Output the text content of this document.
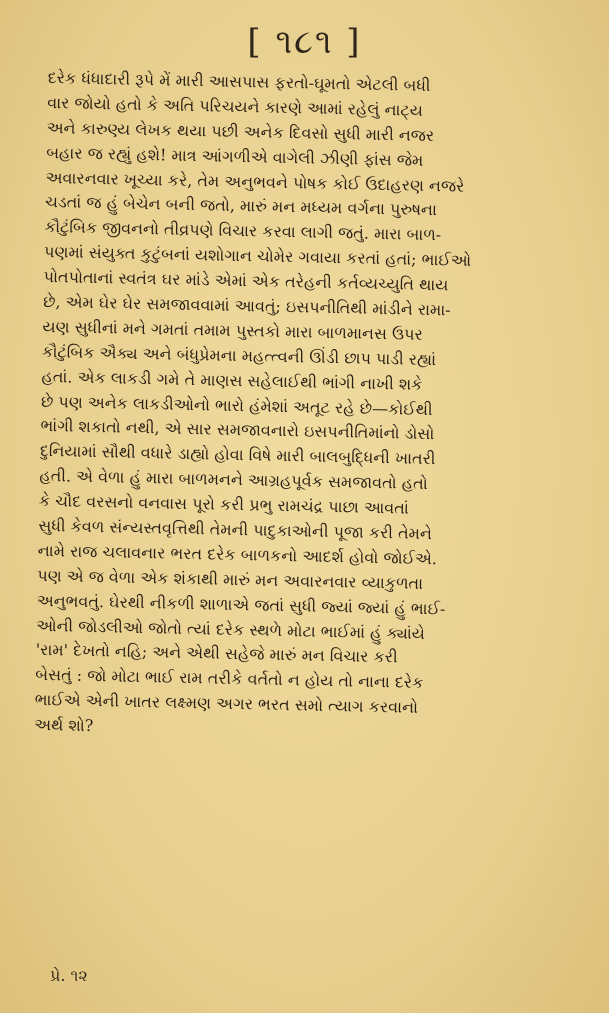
[ ૧૮૧ ]
દરેક ધંધાદારી રૂપે મેં મારી આસપાસ ફરતો-ઘૂમતો એટલી બધી
વાર જોયો હતો કે અતિ પરિચયને કારણે આમાં રહેલું નાટ્ય
અને કારુણ્ય લેખક થયા પછી અનેક દિવસો સુધી મારી નજર
બહાર જ રહ્યું હશે! માત્ર આંગળીએ વાગેલી ઝીણી ફાંસ જેમ
અવારનવાર ખૂચ્યા કરે, તેમ અનુભવને પોષક કોઈ ઉદાહરણ નજરે
ચડતાં જ હું બેચેન બની જતો, મારું મન મધ્યમ વર્ગના પુરુષના
કૌટુંબિક જીવનનો તીવ્રપણે વિચાર કરવા લાગી જતું. મારા બાળ-
પણમાં સંયુક્ત કુટુંબનાં યશોગાન ચોમેર ગવાયા કરતાં હતાં; ભાઈઓ
પોતપોતાનાં સ્વતંત્ર ઘર માંડે એમાં એક તરેહની કર્તવ્યચ્યુતિ થાય
છે, એમ ઘેર ઘેર સમજાવવામાં આવતું; ઇસપનીતિથી માંડીને રામા-
યણ સુધીનાં મને ગમતાં તમામ પુસ્તકો મારા બાળમાનસ ઉપર
કૌટુંબિક ઐક્ય અને બંધુપ્રેમના મહત્ત્વની ઊંડી છાપ પાડી રહ્યાં
હતાં. એક લાકડી ગમે તે માણસ સહેલાઈથી ભાંગી નાખી શકે
છે પણ અનેક લાકડીઓનો ભારો હંમેશાં અતૂટ રહે છે—કોઈથી
ભાંગી શકાતો નથી, એ સાર સમજાવનારો ઇસપનીતિમાંનો ડોસો
દુનિયામાં સૌથી વધારે ડાહ્યો હોવા વિષે મારી બાલબુદ્ધિની ખાતરી
હતી. એ વેળા હું મારા બાળમનને આગ્રહપૂર્વક સમજાવતો હતો
કે ચૌદ વરસનો વનવાસ પૂરો કરી પ્રભુ રામચંદ્ર પાછા આવતાં
સુધી કેવળ સંન્યસ્તવૃત્તિથી તેમની પાદુકાઓની પૂજા કરી તેમને
નામે રાજ ચલાવનાર ભરત દરેક બાળકનો આદર્શ હોવો જોઈએ.
પણ એ જ વેળા એક શંકાથી મારું મન અવારનવાર વ્યાકુળતા
અનુભવતું. ઘેરથી નીકળી શાળાએ જતાં સુધી જ્યાં જ્યાં હું ભાઈ-
ઓની જોડલીઓ જોતો ત્યાં દરેક સ્થળે મોટા ભાઈમાં હું ક્યાંયે
'રામ' દેખતો નહિ; અને એથી સહેજે મારું મન વિચાર કરી
બેસતું : જો મોટા ભાઈ રામ તરીકે વર્તતો ન હોય તો નાના દરેક
ભાઈએ એની ખાતર લક્ષ્મણ અગર ભરત સમો ત્યાગ કરવાનો
અર્થ શો?
પ્રે. ૧૨
